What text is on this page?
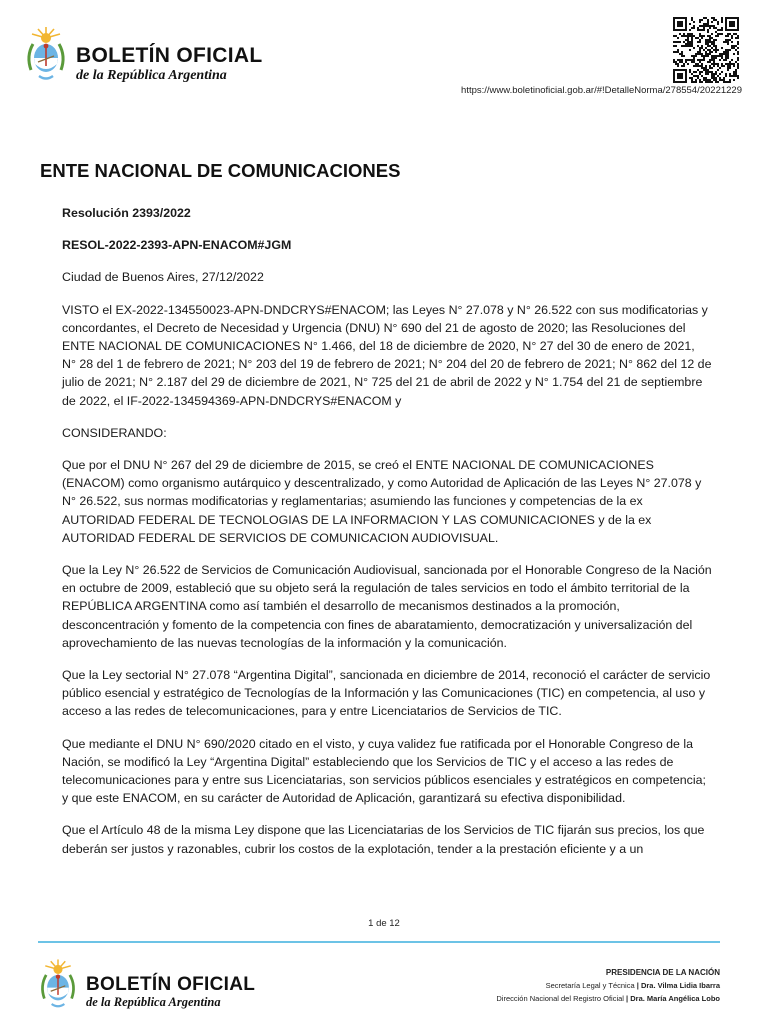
BOLETÍN OFICIAL
de la República Argentina
https://www.boletinoficial.gob.ar/#!DetalleNorma/278554/20221229
ENTE NACIONAL DE COMUNICACIONES

Resolución 2393/2022

RESOL-2022-2393-APN-ENACOM#JGM

Ciudad de Buenos Aires, 27/12/2022

VISTO el EX-2022-134550023-APN-DNDCRYS#ENACOM; las Leyes N° 27.078 y N° 26.522 con sus modificatorias y concordantes, el Decreto de Necesidad y Urgencia (DNU) N° 690 del 21 de agosto de 2020; las Resoluciones del ENTE NACIONAL DE COMUNICACIONES N° 1.466, del 18 de diciembre de 2020, N° 27 del 30 de enero de 2021, N° 28 del 1 de febrero de 2021; N° 203 del 19 de febrero de 2021; N° 204 del 20 de febrero de 2021; N° 862 del 12 de julio de 2021; N° 2.187 del 29 de diciembre de 2021, N° 725 del 21 de abril de 2022 y N° 1.754 del 21 de septiembre de 2022, el IF-2022-134594369-APN-DNDCRYS#ENACOM y

CONSIDERANDO:

Que por el DNU N° 267 del 29 de diciembre de 2015, se creó el ENTE NACIONAL DE COMUNICACIONES (ENACOM) como organismo autárquico y descentralizado, y como Autoridad de Aplicación de las Leyes N° 27.078 y N° 26.522, sus normas modificatorias y reglamentarias; asumiendo las funciones y competencias de la ex AUTORIDAD FEDERAL DE TECNOLOGIAS DE LA INFORMACION Y LAS COMUNICACIONES y de la ex AUTORIDAD FEDERAL DE SERVICIOS DE COMUNICACION AUDIOVISUAL.

Que la Ley N° 26.522 de Servicios de Comunicación Audiovisual, sancionada por el Honorable Congreso de la Nación en octubre de 2009, estableció que su objeto será la regulación de tales servicios en todo el ámbito territorial de la REPÚBLICA ARGENTINA como así también el desarrollo de mecanismos destinados a la promoción, desconcentración y fomento de la competencia con fines de abaratamiento, democratización y universalización del aprovechamiento de las nuevas tecnologías de la información y la comunicación.

Que la Ley sectorial N° 27.078 “Argentina Digital”, sancionada en diciembre de 2014, reconoció el carácter de servicio público esencial y estratégico de Tecnologías de la Información y las Comunicaciones (TIC) en competencia, al uso y acceso a las redes de telecomunicaciones, para y entre Licenciatarios de Servicios de TIC.

Que mediante el DNU N° 690/2020 citado en el visto, y cuya validez fue ratificada por el Honorable Congreso de la Nación, se modificó la Ley “Argentina Digital” estableciendo que los Servicios de TIC y el acceso a las redes de telecomunicaciones para y entre sus Licenciatarias, son servicios públicos esenciales y estratégicos en competencia; y que este ENACOM, en su carácter de Autoridad de Aplicación, garantizará su efectiva disponibilidad.

Que el Artículo 48 de la misma Ley dispone que las Licenciatarias de los Servicios de TIC fijarán sus precios, los que deberán ser justos y razonables, cubrir los costos de la explotación, tender a la prestación eficiente y a un

1 de 12
BOLETÍN OFICIAL
de la República Argentina
PRESIDENCIA DE LA NACIÓN
Secretaría Legal y Técnica | Dra. Vilma Lidia Ibarra
Dirección Nacional del Registro Oficial | Dra. María Angélica Lobo
